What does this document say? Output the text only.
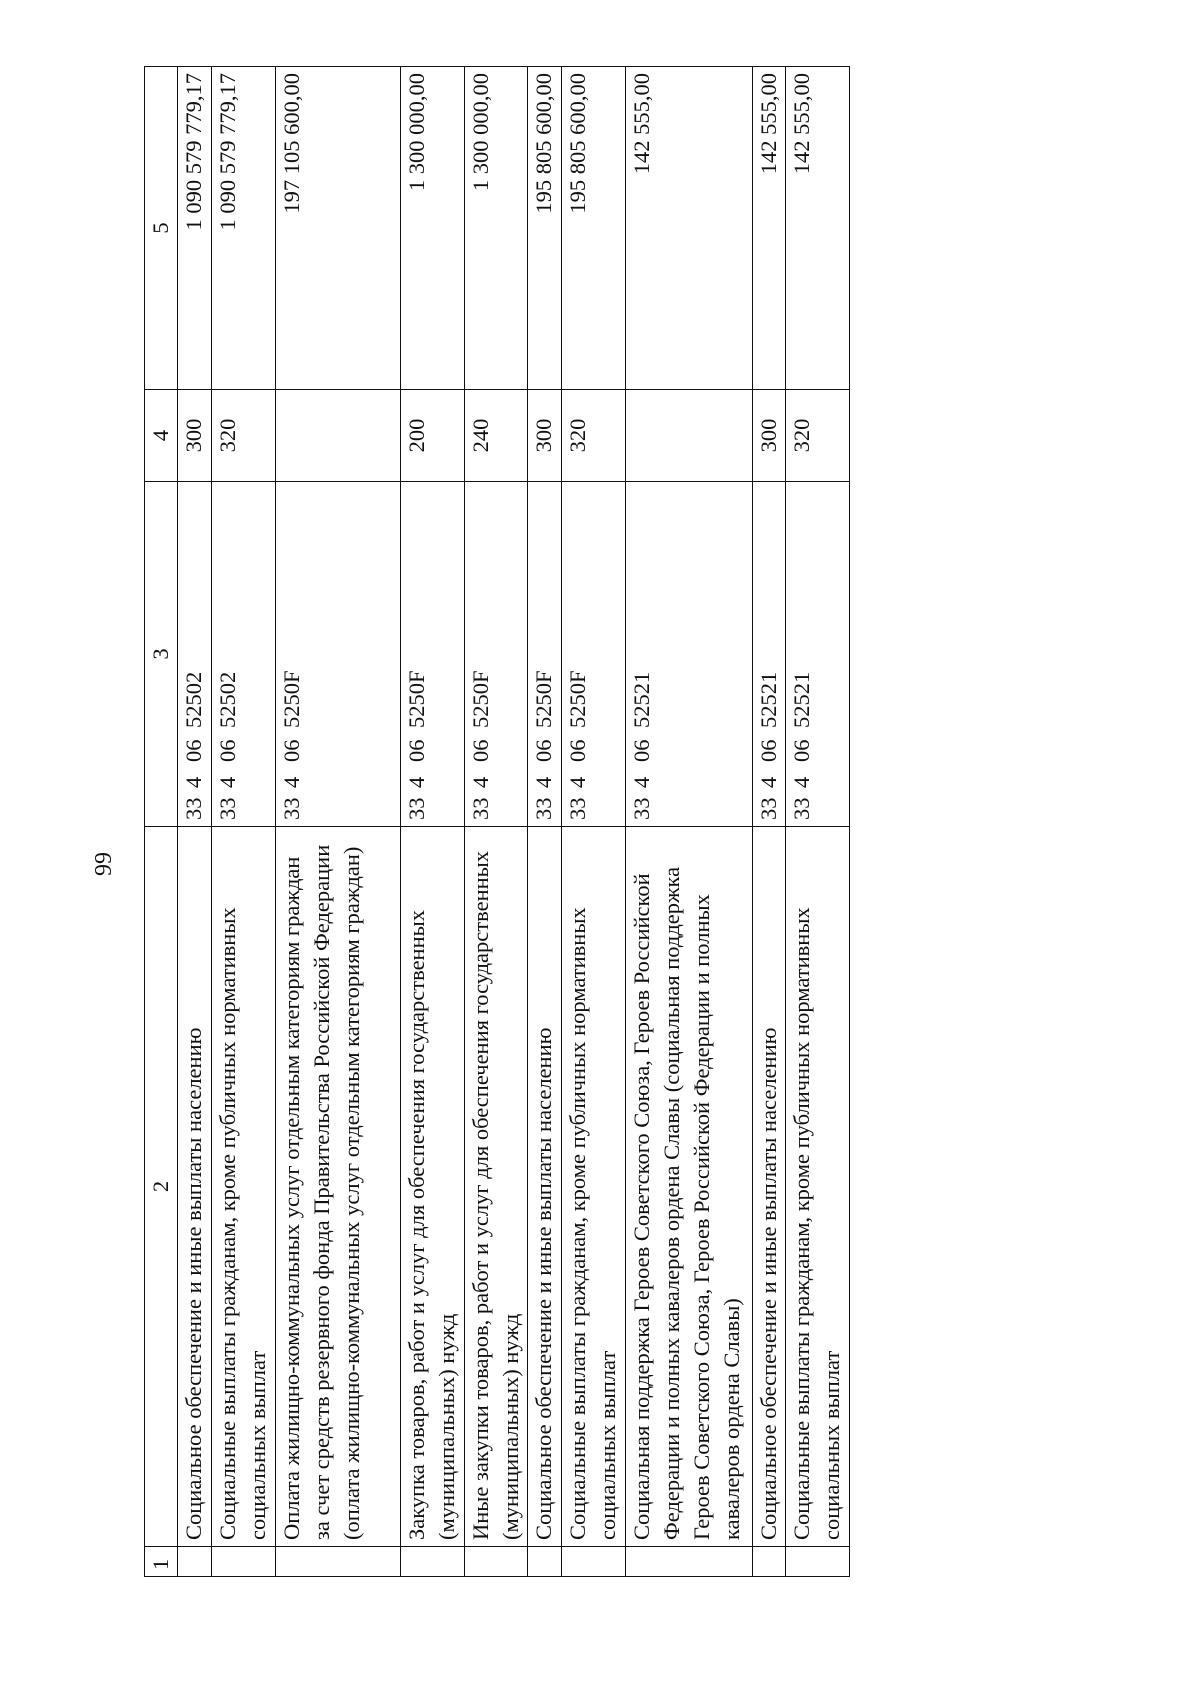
99
1	2	3	4	5
	Социальное обеспечение и иные выплаты населению	3340652502	300	1 090 579 779,17
	Социальные выплаты гражданам, кроме публичных нормативных социальных выплат	3340652502	320	1 090 579 779,17
	Оплата жилищно-коммунальных услуг отдельным категориям граждан за счет средств резервного фонда Правительства Российской Федерации (оплата жилищно-коммунальных услуг отдельным категориям граждан)	334065250F		197 105 600,00
	Закупка товаров, работ и услуг для обеспечения государственных (муниципальных) нужд	334065250F	200	1 300 000,00
	Иные закупки товаров, работ и услуг для обеспечения государственных (муниципальных) нужд	334065250F	240	1 300 000,00
	Социальное обеспечение и иные выплаты населению	334065250F	300	195 805 600,00
	Социальные выплаты гражданам, кроме публичных нормативных социальных выплат	334065250F	320	195 805 600,00
	Социальная поддержка Героев Советского Союза, Героев Российской Федерации и полных кавалеров ордена Славы (социальная поддержка Героев Советского Союза, Героев Российской Федерации и полных кавалеров ордена Славы)	3340652521		142 555,00
	Социальное обеспечение и иные выплаты населению	3340652521	300	142 555,00
	Социальные выплаты гражданам, кроме публичных нормативных социальных выплат	3340652521	320	142 555,00
